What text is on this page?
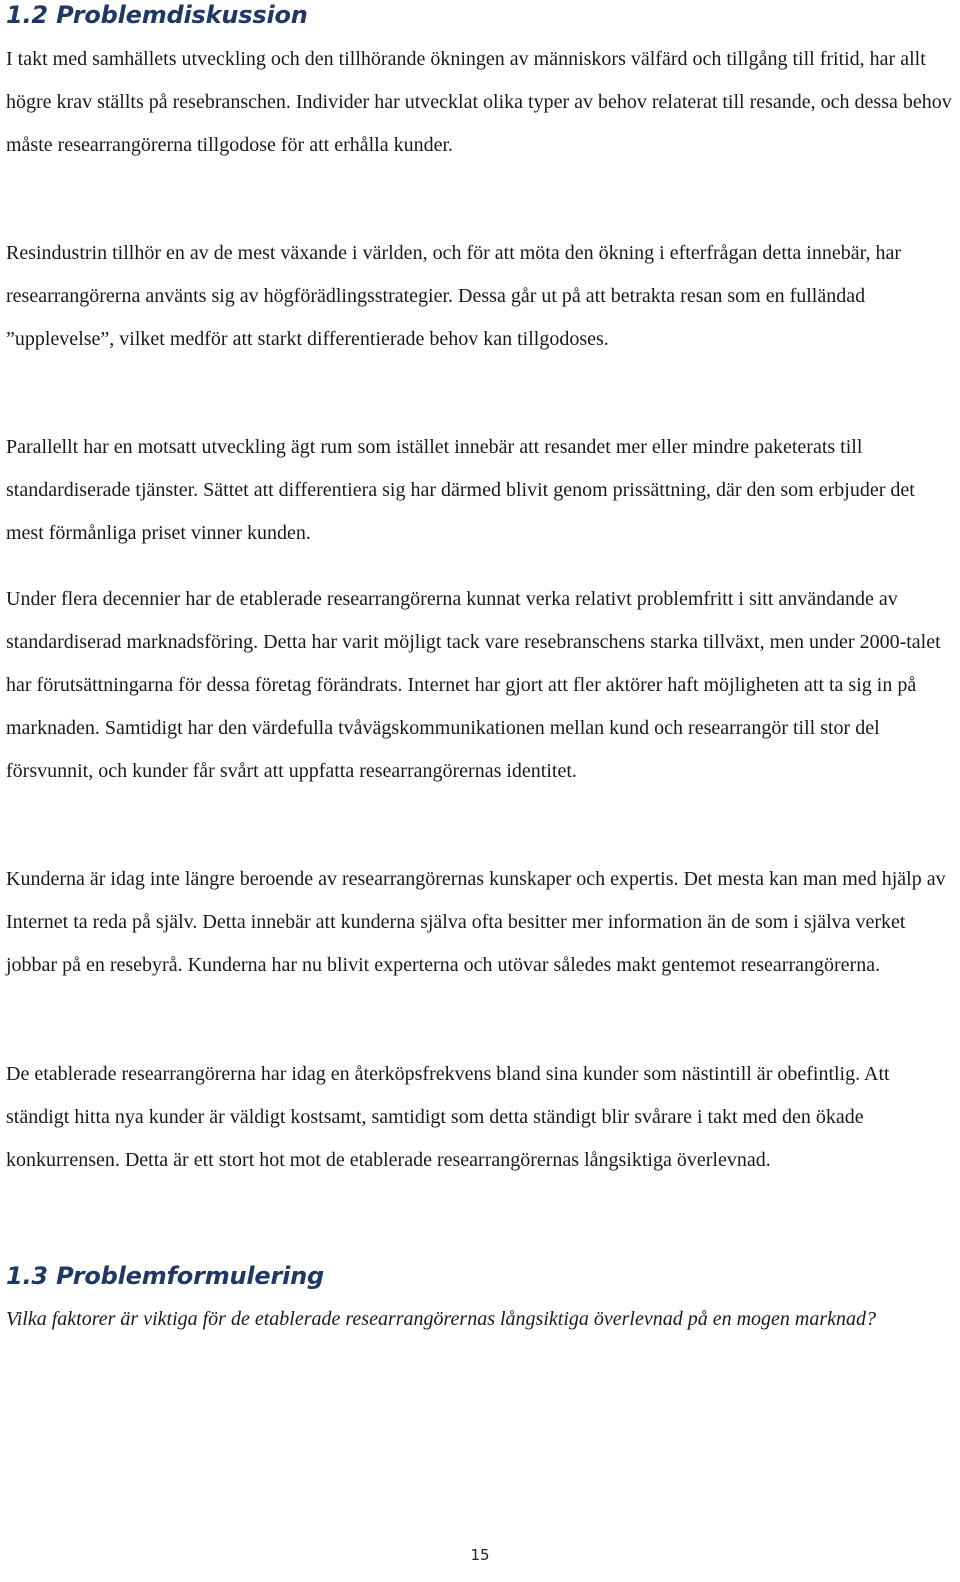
1.2 Problemdiskussion

I takt med samhällets utveckling och den tillhörande ökningen av människors välfärd och tillgång till fritid, har allt högre krav ställts på resebranschen. Individer har utvecklat olika typer av behov relaterat till resande, och dessa behov måste researrangörerna tillgodose för att erhålla kunder.

Resindustrin tillhör en av de mest växande i världen, och för att möta den ökning i efterfrågan detta innebär, har researrangörerna använts sig av högförädlingsstrategier. Dessa går ut på att betrakta resan som en fulländad ”upplevelse”, vilket medför att starkt differentierade behov kan tillgodoses.

Parallellt har en motsatt utveckling ägt rum som istället innebär att resandet mer eller mindre paketerats till standardiserade tjänster. Sättet att differentiera sig har därmed blivit genom prissättning, där den som erbjuder det mest förmånliga priset vinner kunden.

Under flera decennier har de etablerade researrangörerna kunnat verka relativt problemfritt i sitt användande av standardiserad marknadsföring. Detta har varit möjligt tack vare resebranschens starka tillväxt, men under 2000-talet har förutsättningarna för dessa företag förändrats. Internet har gjort att fler aktörer haft möjligheten att ta sig in på marknaden. Samtidigt har den värdefulla tvåvägskommunikationen mellan kund och researrangör till stor del försvunnit, och kunder får svårt att uppfatta researrangörernas identitet.

Kunderna är idag inte längre beroende av researrangörernas kunskaper och expertis. Det mesta kan man med hjälp av Internet ta reda på själv. Detta innebär att kunderna själva ofta besitter mer information än de som i själva verket jobbar på en resebyrå. Kunderna har nu blivit experterna och utövar således makt gentemot researrangörerna.

De etablerade researrangörerna har idag en återköpsfrekvens bland sina kunder som nästintill är obefintlig. Att ständigt hitta nya kunder är väldigt kostsamt, samtidigt som detta ständigt blir svårare i takt med den ökade konkurrensen. Detta är ett stort hot mot de etablerade researrangörernas långsiktiga överlevnad.

1.3 Problemformulering

Vilka faktorer är viktiga för de etablerade researrangörernas långsiktiga överlevnad på en mogen marknad?

15
